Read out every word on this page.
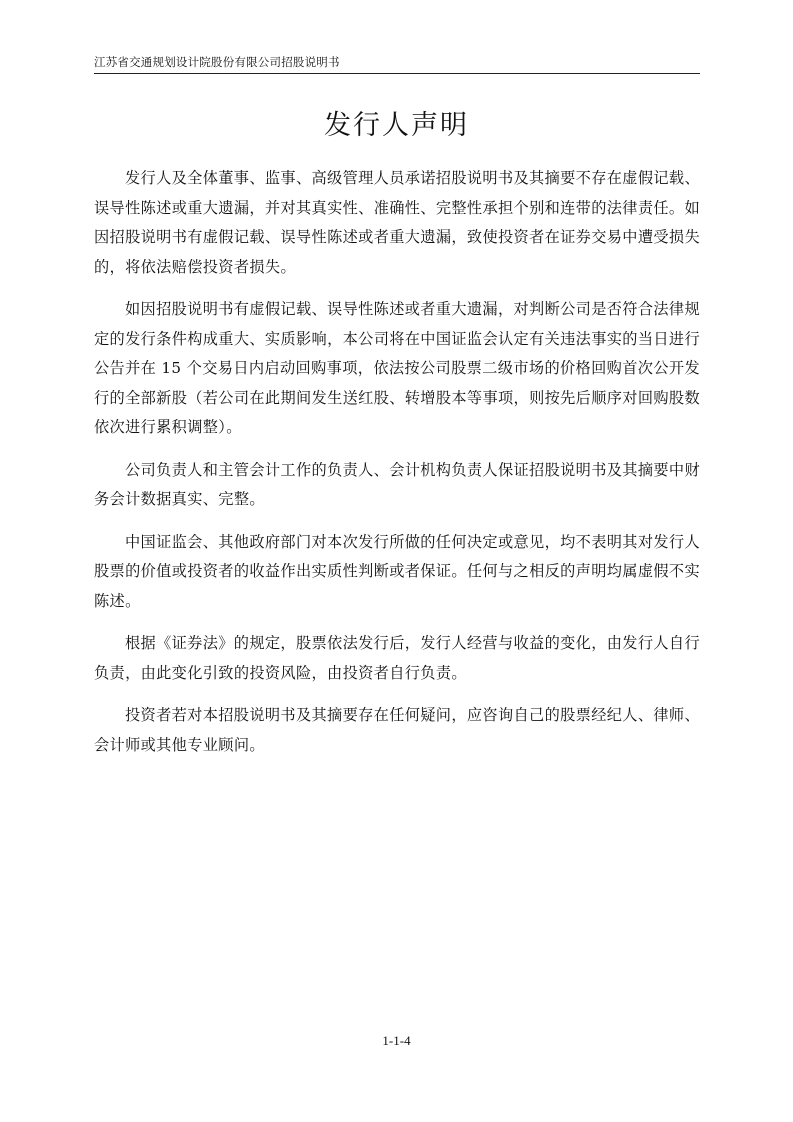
江苏省交通规划设计院股份有限公司招股说明书
发行人声明

发行人及全体董事、监事、高级管理人员承诺招股说明书及其摘要不存在虚假记载、误导性陈述或重大遗漏，并对其真实性、准确性、完整性承担个别和连带的法律责任。如因招股说明书有虚假记载、误导性陈述或者重大遗漏，致使投资者在证券交易中遭受损失的，将依法赔偿投资者损失。

如因招股说明书有虚假记载、误导性陈述或者重大遗漏，对判断公司是否符合法律规定的发行条件构成重大、实质影响，本公司将在中国证监会认定有关违法事实的当日进行公告并在 15 个交易日内启动回购事项，依法按公司股票二级市场的价格回购首次公开发行的全部新股（若公司在此期间发生送红股、转增股本等事项，则按先后顺序对回购股数依次进行累积调整）。

公司负责人和主管会计工作的负责人、会计机构负责人保证招股说明书及其摘要中财务会计数据真实、完整。

中国证监会、其他政府部门对本次发行所做的任何决定或意见，均不表明其对发行人股票的价值或投资者的收益作出实质性判断或者保证。任何与之相反的声明均属虚假不实陈述。

根据《证券法》的规定，股票依法发行后，发行人经营与收益的变化，由发行人自行负责，由此变化引致的投资风险，由投资者自行负责。

投资者若对本招股说明书及其摘要存在任何疑问，应咨询自己的股票经纪人、律师、会计师或其他专业顾问。

1-1-4
